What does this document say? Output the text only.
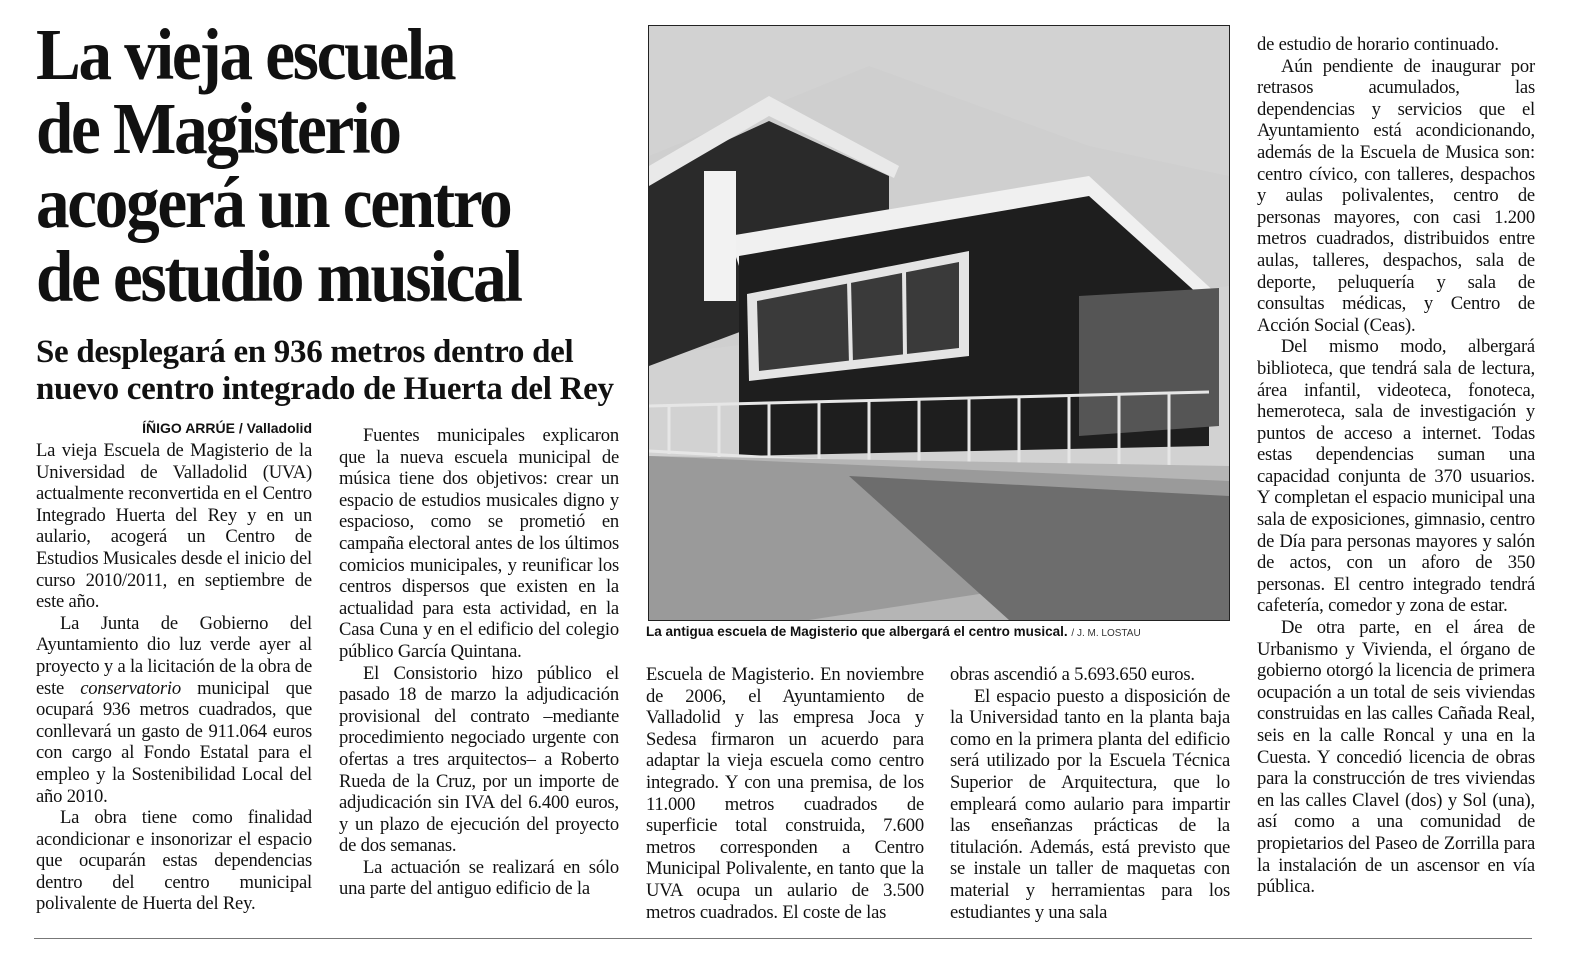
La vieja escuela
de Magisterio
acogerá un centro
de estudio musical
Se desplegará en 936 metros dentro del
nuevo centro integrado de Huerta del Rey
ÍÑIGO ARRÚE / Valladolid

La vieja Escuela de Magisterio de la Universidad de Valladolid (UVA) actualmente reconvertida en el Centro Integrado Huerta del Rey y en un aulario, acogerá un Centro de Estudios Musicales desde el inicio del curso 2010/2011, en septiembre de este año.

La Junta de Gobierno del Ayuntamiento dio luz verde ayer al proyecto y a la licitación de la obra de este conservatorio municipal que ocupará 936 metros cuadrados, que conllevará un gasto de 911.064 euros con cargo al Fondo Estatal para el empleo y la Sostenibilidad Local del año 2010.

La obra tiene como finalidad acondicionar e insonorizar el espacio que ocuparán estas dependencias dentro del centro municipal polivalente de Huerta del Rey.

Fuentes municipales explicaron que la nueva escuela municipal de música tiene dos objetivos: crear un espacio de estudios musicales digno y espacioso, como se prometió en campaña electoral antes de los últimos comicios municipales, y reunificar los centros dispersos que existen en la actualidad para esta actividad, en la Casa Cuna y en el edificio del colegio público García Quintana.

El Consistorio hizo público el pasado 18 de marzo la adjudicación provisional del contrato –mediante procedimiento negociado urgente con ofertas a tres arquitectos– a Roberto Rueda de la Cruz, por un importe de adjudicación sin IVA del 6.400 euros, y un plazo de ejecución del proyecto de dos semanas.

La actuación se realizará en sólo una parte del antiguo edificio de la

La antigua escuela de Magisterio que albergará el centro musical. / J. M. LOSTAU

Escuela de Magisterio. En noviembre de 2006, el Ayuntamiento de Valladolid y las empresa Joca y Sedesa firmaron un acuerdo para adaptar la vieja escuela como centro integrado. Y con una premisa, de los 11.000 metros cuadrados de superficie total construida, 7.600 metros corresponden a Centro Municipal Polivalente, en tanto que la UVA ocupa un aulario de 3.500 metros cuadrados. El coste de las

obras ascendió a 5.693.650 euros.

El espacio puesto a disposición de la Universidad tanto en la planta baja como en la primera planta del edificio será utilizado por la Escuela Técnica Superior de Arquitectura, que lo empleará como aulario para impartir las enseñanzas prácticas de la titulación. Además, está previsto que se instale un taller de maquetas con material y herramientas para los estudiantes y una sala

de estudio de horario continuado.

Aún pendiente de inaugurar por retrasos acumulados, las dependencias y servicios que el Ayuntamiento está acondicionando, además de la Escuela de Musica son: centro cívico, con talleres, despachos y aulas polivalentes, centro de personas mayores, con casi 1.200 metros cuadrados, distribuidos entre aulas, talleres, despachos, sala de deporte, peluquería y sala de consultas médicas, y Centro de Acción Social (Ceas).

Del mismo modo, albergará biblioteca, que tendrá sala de lectura, área infantil, videoteca, fonoteca, hemeroteca, sala de investigación y puntos de acceso a internet. Todas estas dependencias suman una capacidad conjunta de 370 usuarios. Y completan el espacio municipal una sala de exposiciones, gimnasio, centro de Día para personas mayores y salón de actos, con un aforo de 350 personas. El centro integrado tendrá cafetería, comedor y zona de estar.

De otra parte, en el área de Urbanismo y Vivienda, el órgano de gobierno otorgó la licencia de primera ocupación a un total de seis viviendas construidas en las calles Cañada Real, seis en la calle Roncal y una en la Cuesta. Y concedió licencia de obras para la construcción de tres viviendas en las calles Clavel (dos) y Sol (una), así como a una comunidad de propietarios del Paseo de Zorrilla para la instalación de un ascensor en vía pública.
